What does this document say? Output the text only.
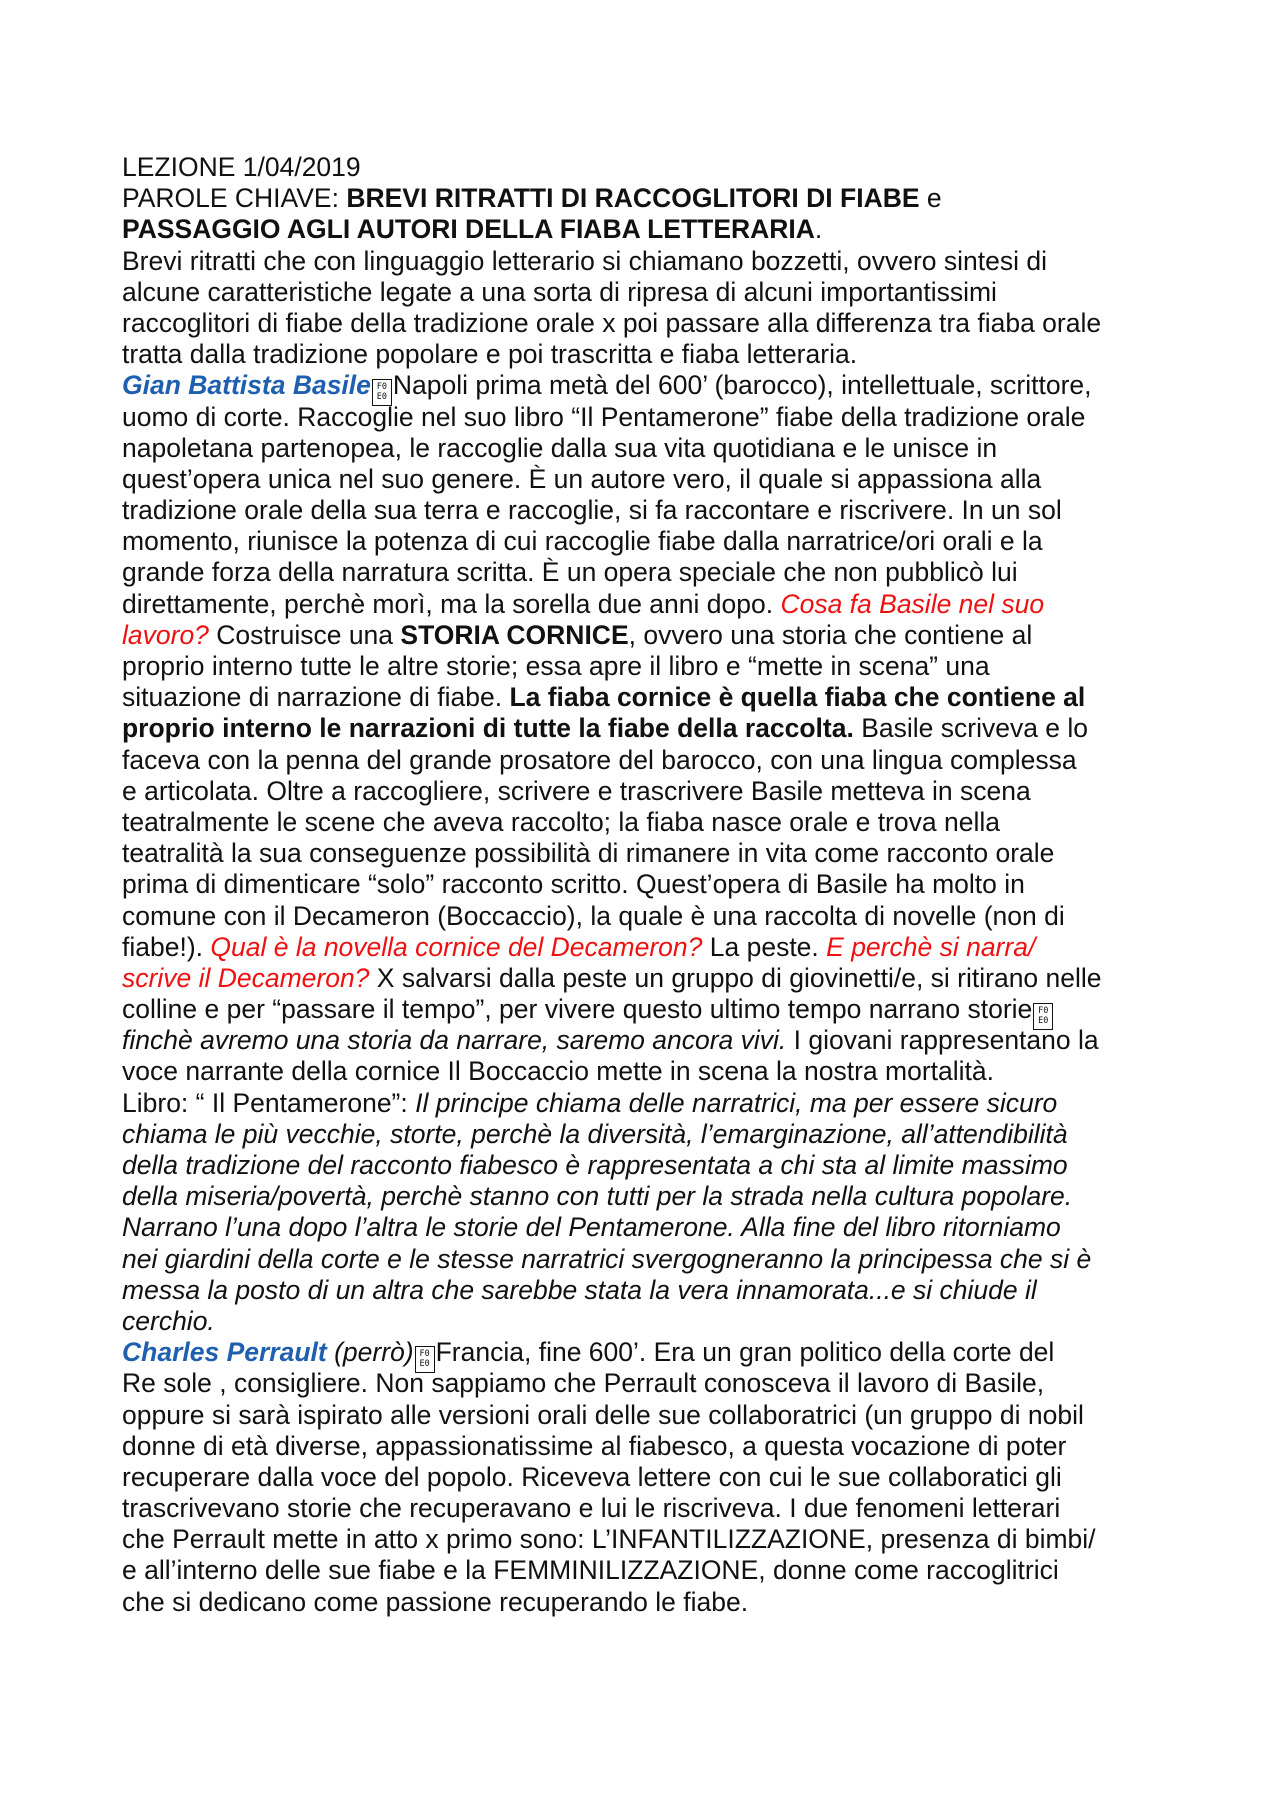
LEZIONE 1/04/2019
PAROLE CHIAVE: BREVI RITRATTI DI RACCOGLITORI DI FIABE e
PASSAGGIO AGLI AUTORI DELLA FIABA LETTERARIA.
Brevi ritratti che con linguaggio letterario si chiamano bozzetti, ovvero sintesi di
alcune caratteristiche legate a una sorta di ripresa di alcuni importantissimi
raccoglitori di fiabe della tradizione orale x poi passare alla differenza tra fiaba orale
tratta dalla tradizione popolare e poi trascritta e fiaba letteraria.
Gian Battista Basile F0
E0 Napoli prima metà del 600’ (barocco), intellettuale, scrittore,
uomo di corte. Raccoglie nel suo libro “Il Pentamerone” fiabe della tradizione orale
napoletana partenopea, le raccoglie dalla sua vita quotidiana e le unisce in
quest’opera unica nel suo genere. È un autore vero, il quale si appassiona alla
tradizione orale della sua terra e raccoglie, si fa raccontare e riscrivere. In un sol
momento, riunisce la potenza di cui raccoglie fiabe dalla narratrice/ori orali e la
grande forza della narratura scritta. È un opera speciale che non pubblicò lui
direttamente, perchè morì, ma la sorella due anni dopo. Cosa fa Basile nel suo
lavoro? Costruisce una STORIA CORNICE, ovvero una storia che contiene al
proprio interno tutte le altre storie; essa apre il libro e “mette in scena” una
situazione di narrazione di fiabe. La fiaba cornice è quella fiaba che contiene al
proprio interno le narrazioni di tutte la fiabe della raccolta. Basile scriveva e lo
faceva con la penna del grande prosatore del barocco, con una lingua complessa
e articolata. Oltre a raccogliere, scrivere e trascrivere Basile metteva in scena
teatralmente le scene che aveva raccolto; la fiaba nasce orale e trova nella
teatralità la sua conseguenze possibilità di rimanere in vita come racconto orale
prima di dimenticare “solo” racconto scritto. Quest’opera di Basile ha molto in
comune con il Decameron (Boccaccio), la quale è una raccolta di novelle (non di
fiabe!). Qual è la novella cornice del Decameron? La peste. E perchè si narra/
scrive il Decameron? X salvarsi dalla peste un gruppo di giovinetti/e, si ritirano nelle
colline e per “passare il tempo”, per vivere questo ultimo tempo narrano storie F0
E0
finchè avremo una storia da narrare, saremo ancora vivi. I giovani rappresentano la
voce narrante della cornice Il Boccaccio mette in scena la nostra mortalità.
Libro: “ Il Pentamerone”: Il principe chiama delle narratrici, ma per essere sicuro
chiama le più vecchie, storte, perchè la diversità, l’emarginazione, all’attendibilità
della tradizione del racconto fiabesco è rappresentata a chi sta al limite massimo
della miseria/povertà, perchè stanno con tutti per la strada nella cultura popolare.
Narrano l’una dopo l’altra le storie del Pentamerone. Alla fine del libro ritorniamo
nei giardini della corte e le stesse narratrici svergogneranno la principessa che si è
messa la posto di un altra che sarebbe stata la vera innamorata...e si chiude il
cerchio.
Charles Perrault (perrò) F0
E0 Francia, fine 600’. Era un gran politico della corte del
Re sole , consigliere. Non sappiamo che Perrault conosceva il lavoro di Basile,
oppure si sarà ispirato alle versioni orali delle sue collaboratrici (un gruppo di nobil
donne di età diverse, appassionatissime al fiabesco, a questa vocazione di poter
recuperare dalla voce del popolo. Riceveva lettere con cui le sue collaboratici gli
trascrivevano storie che recuperavano e lui le riscriveva. I due fenomeni letterari
che Perrault mette in atto x primo sono: L’INFANTILIZZAZIONE, presenza di bimbi/
e all’interno delle sue fiabe e la FEMMINILIZZAZIONE, donne come raccoglitrici
che si dedicano come passione recuperando le fiabe.
